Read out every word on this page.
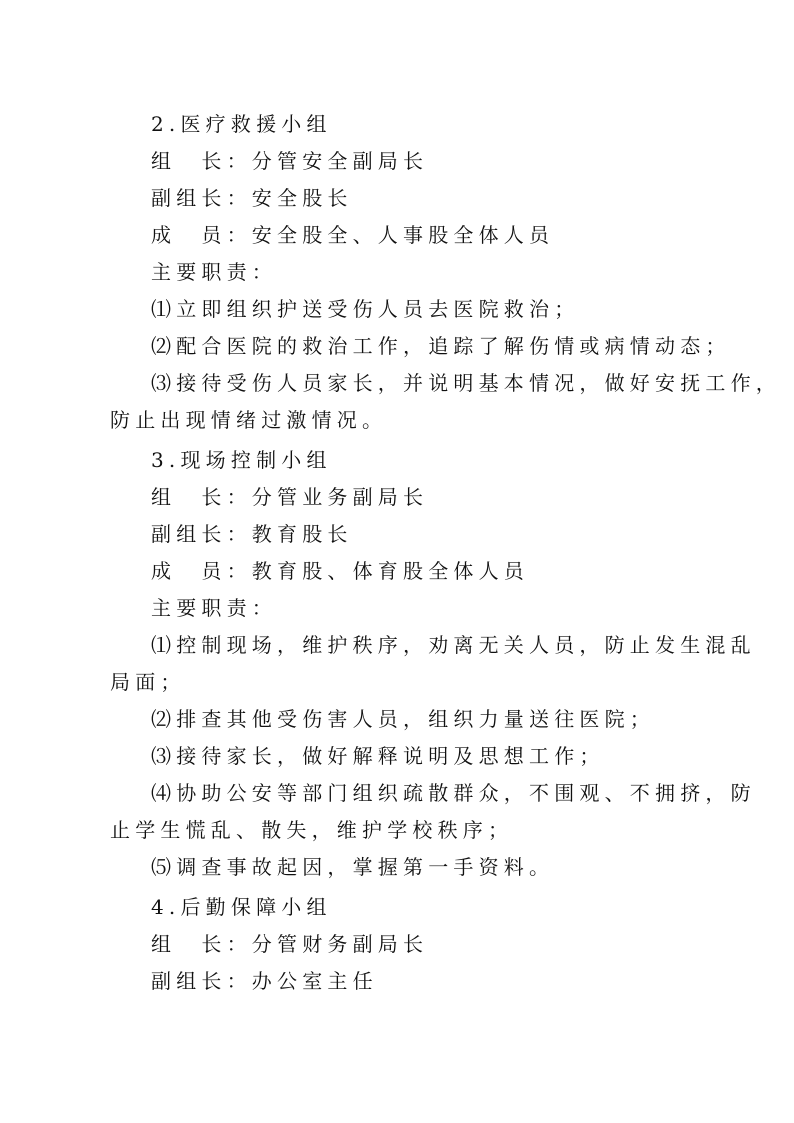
2.医疗救援小组
组　长：分管安全副局长
副组长：安全股长
成　员：安全股全、人事股全体人员
主要职责：
⑴立即组织护送受伤人员去医院救治；
⑵配合医院的救治工作，追踪了解伤情或病情动态；
⑶接待受伤人员家长，并说明基本情况，做好安抚工作，
防止出现情绪过激情况。
3.现场控制小组
组　长：分管业务副局长
副组长：教育股长
成　员：教育股、体育股全体人员
主要职责：
⑴控制现场，维护秩序，劝离无关人员，防止发生混乱
局面；
⑵排查其他受伤害人员，组织力量送往医院；
⑶接待家长，做好解释说明及思想工作；
⑷协助公安等部门组织疏散群众，不围观、不拥挤，防
止学生慌乱、散失，维护学校秩序；
⑸调查事故起因，掌握第一手资料。
4.后勤保障小组
组　长：分管财务副局长
副组长：办公室主任
